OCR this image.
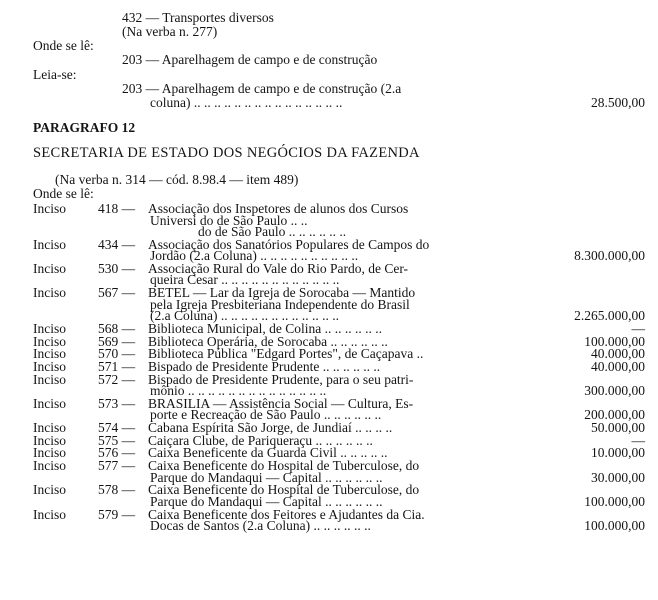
432 — Transportes diversos
(Na verba n. 277)
Onde se lê:
203 — Aparelhagem de campo e de construção
Leia-se:
203 — Aparelhagem de campo e de construção (2.a
coluna) .. .. .. .. .. .. .. .. .. .. .. .. .. .. ..	28.500,00
PARAGRAFO 12
SECRETARIA DE ESTADO DOS NEGÓCIOS DA FAZENDA
(Na verba n. 314 — cód. 8.98.4 — item 489)
Onde se lê:
Inciso 418 — Associação dos Inspetores de alunos dos Cursos
Universi do de São Paulo .. ..
do de São Paulo .. .. .. .. .. ..
Inciso 434 — Associação dos Sanatórios Populares de Campos do
Jordão (2.a Coluna) .. .. .. .. .. .. .. .. .. ..	8.300.000,00
Inciso 530 — Associação Rural do Vale do Rio Pardo, de Cer-
queira Cesar .. .. .. .. .. .. .. .. .. .. .. ..
Inciso 567 — BETEL — Lar da Igreja de Sorocaba — Mantido
pela Igreja Presbiteriana Independente do Brasil
(2.a Coluna) .. .. .. .. .. .. .. .. .. .. .. ..	2.265.000,00
Inciso 568 — Biblioteca Municipal, de Colina .. .. .. .. .. ..	—
Inciso 569 — Biblioteca Operária, de Sorocaba .. .. .. .. .. ..	100.000,00
Inciso 570 — Biblioteca Pública "Edgard Portes", de Caçapava ..	40.000,00
Inciso 571 — Bispado de Presidente Prudente .. .. .. .. .. ..	40.000,00
Inciso 572 — Bispado de Presidente Prudente, para o seu patri-
mônio .. .. .. .. .. .. .. .. .. .. .. .. .. ..	300.000,00
Inciso 573 — BRASILIA — Assistência Social — Cultura, Es-
porte e Recreação de São Paulo .. .. .. .. .. ..	200.000,00
Inciso 574 — Cabana Espírita São Jorge, de Jundiaí .. .. .. ..	50.000,00
Inciso 575 — Caiçara Clube, de Pariqueraçu .. .. .. .. .. ..	—
Inciso 576 — Caixa Beneficente da Guarda Civil .. .. .. .. ..	10.000,00
Inciso 577 — Caixa Beneficente do Hospital de Tuberculose, do
Parque do Mandaqui — Capital .. .. .. .. .. ..	30.000,00
Inciso 578 — Caixa Beneficente do Hospital de Tuberculose, do
Parque do Mandaqui — Capital .. .. .. .. .. ..	100.000,00
Inciso 579 — Caixa Beneficente dos Feitores e Ajudantes da Cia.
Docas de Santos (2.a Coluna) .. .. .. .. .. ..	100.000,00
